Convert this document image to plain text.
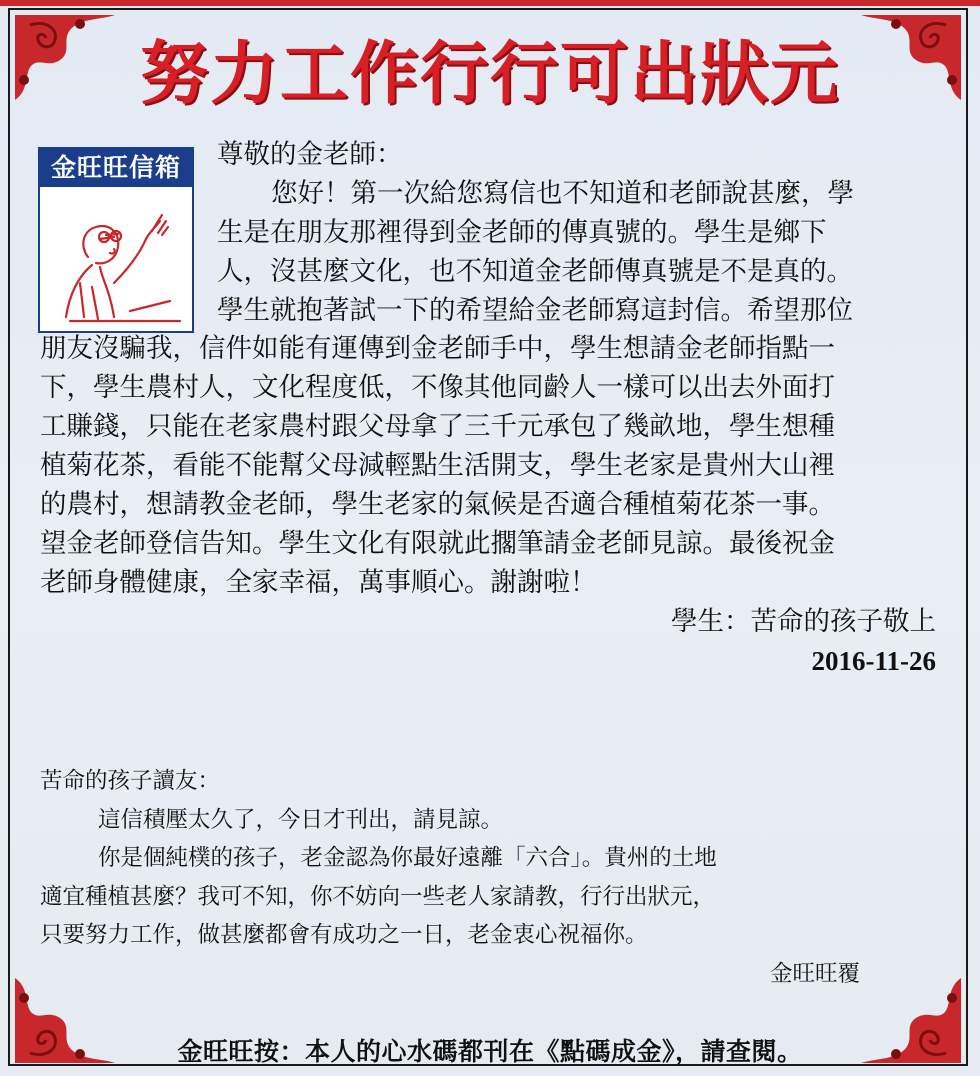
努力工作行行可出狀元
金旺旺信箱	尊敬的金老師：
您好！第一次給您寫信也不知道和老師說甚麼，學
生是在朋友那裡得到金老師的傳真號的。學生是鄉下
人，沒甚麼文化，也不知道金老師傳真號是不是真的。
學生就抱著試一下的希望給金老師寫這封信。希望那位
朋友沒騙我，信件如能有運傳到金老師手中，學生想請金老師指點一
下，學生農村人，文化程度低，不像其他同齡人一樣可以出去外面打
工賺錢，只能在老家農村跟父母拿了三千元承包了幾畝地，學生想種
植菊花茶，看能不能幫父母減輕點生活開支，學生老家是貴州大山裡
的農村，想請教金老師，學生老家的氣候是否適合種植菊花茶一事。
望金老師登信告知。學生文化有限就此擱筆請金老師見諒。最後祝金
老師身體健康，全家幸福，萬事順心。謝謝啦！
學生：苦命的孩子敬上
2016-11-26
苦命的孩子讀友：
這信積壓太久了，今日才刊出，請見諒。
你是個純樸的孩子，老金認為你最好遠離「六合」。貴州的土地
適宜種植甚麼？我可不知，你不妨向一些老人家請教，行行出狀元，
只要努力工作，做甚麼都會有成功之一日，老金衷心祝福你。
金旺旺覆
金旺旺按：本人的心水碼都刊在《點碼成金》，請查閱。
